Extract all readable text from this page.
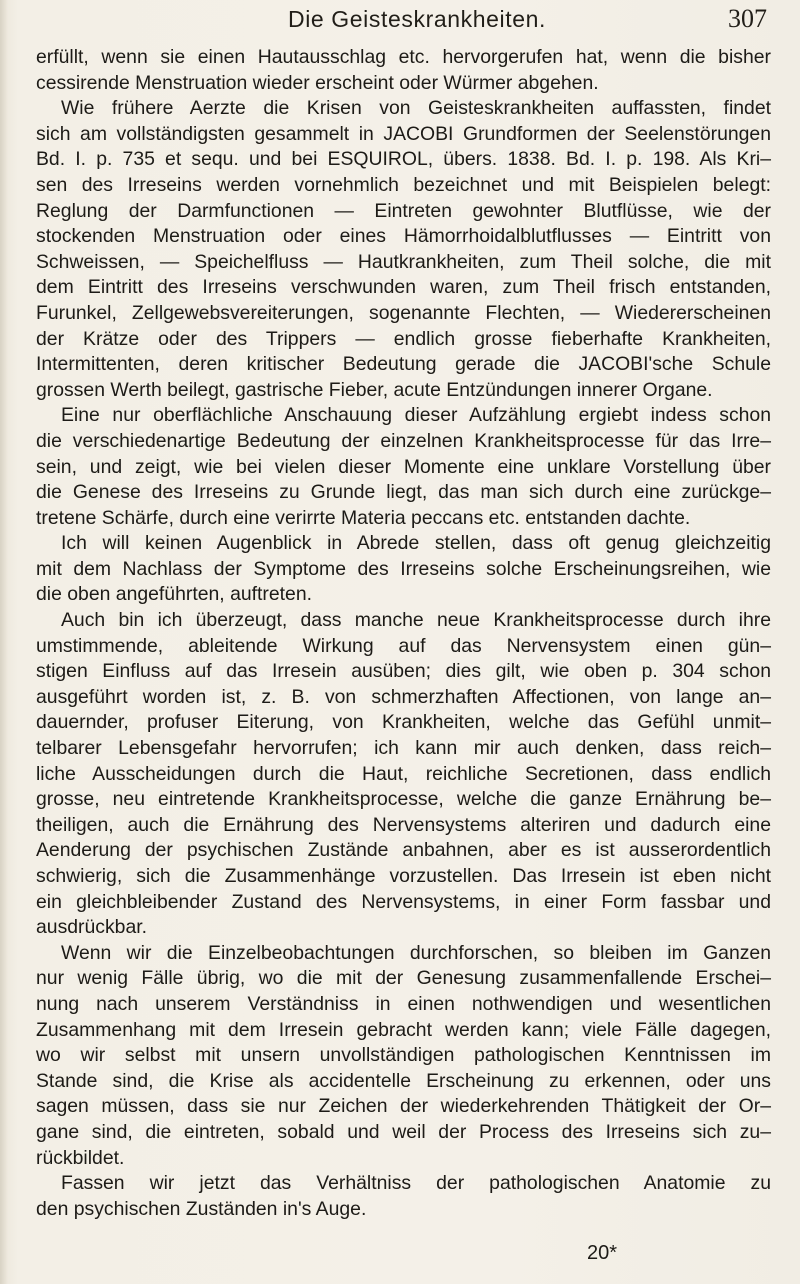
Die Geisteskrankheiten.	307
erfüllt, wenn sie einen Hautausschlag etc. hervorgerufen hat, wenn die bisher
cessirende Menstruation wieder erscheint oder Würmer abgehen.
Wie frühere Aerzte die Krisen von Geisteskrankheiten auffassten, findet
sich am vollständigsten gesammelt in JACOBI Grundformen der Seelenstörungen
Bd. I. p. 735 et sequ. und bei ESQUIROL, übers. 1838. Bd. I. p. 198. Als Kri–
sen des Irreseins werden vornehmlich bezeichnet und mit Beispielen belegt:
Reglung der Darmfunctionen — Eintreten gewohnter Blutflüsse, wie der
stockenden Menstruation oder eines Hämorrhoidalblutflusses — Eintritt von
Schweissen, — Speichelfluss — Hautkrankheiten, zum Theil solche, die mit
dem Eintritt des Irreseins verschwunden waren, zum Theil frisch entstanden,
Furunkel, Zellgewebsvereiterungen, sogenannte Flechten, — Wiedererscheinen
der Krätze oder des Trippers — endlich grosse fieberhafte Krankheiten,
Intermittenten, deren kritischer Bedeutung gerade die JACOBI'sche Schule
grossen Werth beilegt, gastrische Fieber, acute Entzündungen innerer Organe.
Eine nur oberflächliche Anschauung dieser Aufzählung ergiebt indess schon
die verschiedenartige Bedeutung der einzelnen Krankheitsprocesse für das Irre–
sein, und zeigt, wie bei vielen dieser Momente eine unklare Vorstellung über
die Genese des Irreseins zu Grunde liegt, das man sich durch eine zurückge–
tretene Schärfe, durch eine verirrte Materia peccans etc. entstanden dachte.
Ich will keinen Augenblick in Abrede stellen, dass oft genug gleichzeitig
mit dem Nachlass der Symptome des Irreseins solche Erscheinungsreihen, wie
die oben angeführten, auftreten.
Auch bin ich überzeugt, dass manche neue Krankheitsprocesse durch ihre
umstimmende, ableitende Wirkung auf das Nervensystem einen gün–
stigen Einfluss auf das Irresein ausüben; dies gilt, wie oben p. 304 schon
ausgeführt worden ist, z. B. von schmerzhaften Affectionen, von lange an–
dauernder, profuser Eiterung, von Krankheiten, welche das Gefühl unmit–
telbarer Lebensgefahr hervorrufen; ich kann mir auch denken, dass reich–
liche Ausscheidungen durch die Haut, reichliche Secretionen, dass endlich
grosse, neu eintretende Krankheitsprocesse, welche die ganze Ernährung be–
theiligen, auch die Ernährung des Nervensystems alteriren und dadurch eine
Aenderung der psychischen Zustände anbahnen, aber es ist ausserordentlich
schwierig, sich die Zusammenhänge vorzustellen. Das Irresein ist eben nicht
ein gleichbleibender Zustand des Nervensystems, in einer Form fassbar und
ausdrückbar.
Wenn wir die Einzelbeobachtungen durchforschen, so bleiben im Ganzen
nur wenig Fälle übrig, wo die mit der Genesung zusammenfallende Erschei–
nung nach unserem Verständniss in einen nothwendigen und wesentlichen
Zusammenhang mit dem Irresein gebracht werden kann; viele Fälle dagegen,
wo wir selbst mit unsern unvollständigen pathologischen Kenntnissen im
Stande sind, die Krise als accidentelle Erscheinung zu erkennen, oder uns
sagen müssen, dass sie nur Zeichen der wiederkehrenden Thätigkeit der Or–
gane sind, die eintreten, sobald und weil der Process des Irreseins sich zu–
rückbildet.
Fassen wir jetzt das Verhältniss der pathologischen Anatomie zu
den psychischen Zuständen in's Auge.
20*
